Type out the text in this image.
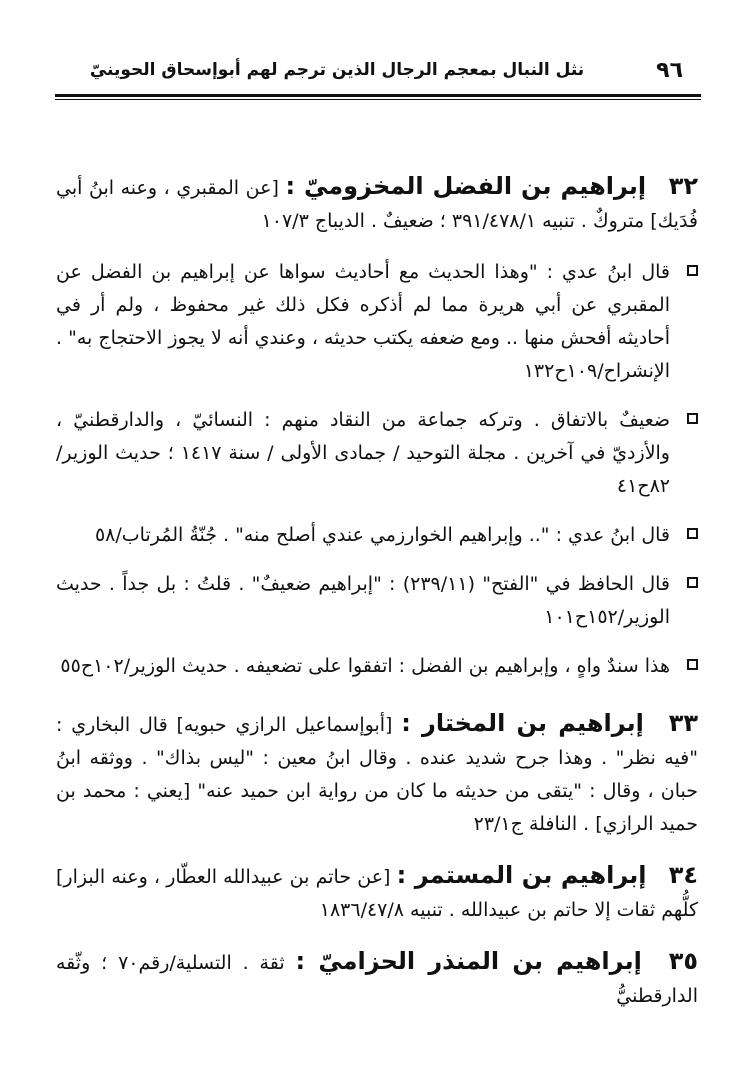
٩٦
نثل النبال بمعجم الرجال الذين ترجم لهم أبوإسحاق الحوينيّ

٣٢ إبراهيم بن الفضل المخزوميّ : [عن المقبري ، وعنه ابنُ أبي فُدَيك] متروكٌ . تنبيه ٣٩١/٤٧٨/١ ؛ ضعيفٌ . الديباج ١٠٧/٣

قال ابنُ عدي : "وهذا الحديث مع أحاديث سواها عن إبراهيم بن الفضل عن المقبري عن أبي هريرة مما لم أذكره فكل ذلك غير محفوظ ، ولم أر في أحاديثه أفحش منها .. ومع ضعفه يكتب حديثه ، وعندي أنه لا يجوز الاحتجاج به" . الإنشراح/١٠٩ح١٣٢
ضعيفٌ بالاتفاق . وتركه جماعة من النقاد منهم : النسائيّ ، والدارقطنيّ ، والأزديّ في آخرين . مجلة التوحيد / جمادى الأولى / سنة ١٤١٧ ؛ حديث الوزير/٨٢ح٤١
قال ابنُ عدي : ".. وإبراهيم الخوارزمي عندي أصلح منه" . جُنّةُ المُرتاب/٥٨
قال الحافظ في "الفتح" (٢٣٩/١١) : "إبراهيم ضعيفٌ" . قلتُ : بل جداً . حديث الوزير/١٥٢ح١٠١
هذا سندٌ واهٍ ، وإبراهيم بن الفضل : اتفقوا على تضعيفه . حديث الوزير/١٠٢ح٥٥

٣٣ إبراهيم بن المختار : [أبوإسماعيل الرازي حبويه] قال البخاري : "فيه نظر" . وهذا جرح شديد عنده . وقال ابنُ معين : "ليس بذاك" . ووثقه ابنُ حبان ، وقال : "يتقى من حديثه ما كان من رواية ابن حميد عنه" [يعني : محمد بن حميد الرازي] . النافلة ج٢٣/١

٣٤ إبراهيم بن المستمر : [عن حاتم بن عبيدالله العطّار ، وعنه البزار] كلُّهم ثقات إلا حاتم بن عبيدالله . تنبيه ١٨٣٦/٤٧/٨

٣٥ إبراهيم بن المنذر الحزاميّ : ثقة . التسلية/رقم٧٠ ؛ وثّقه الدارقطنيُّ
